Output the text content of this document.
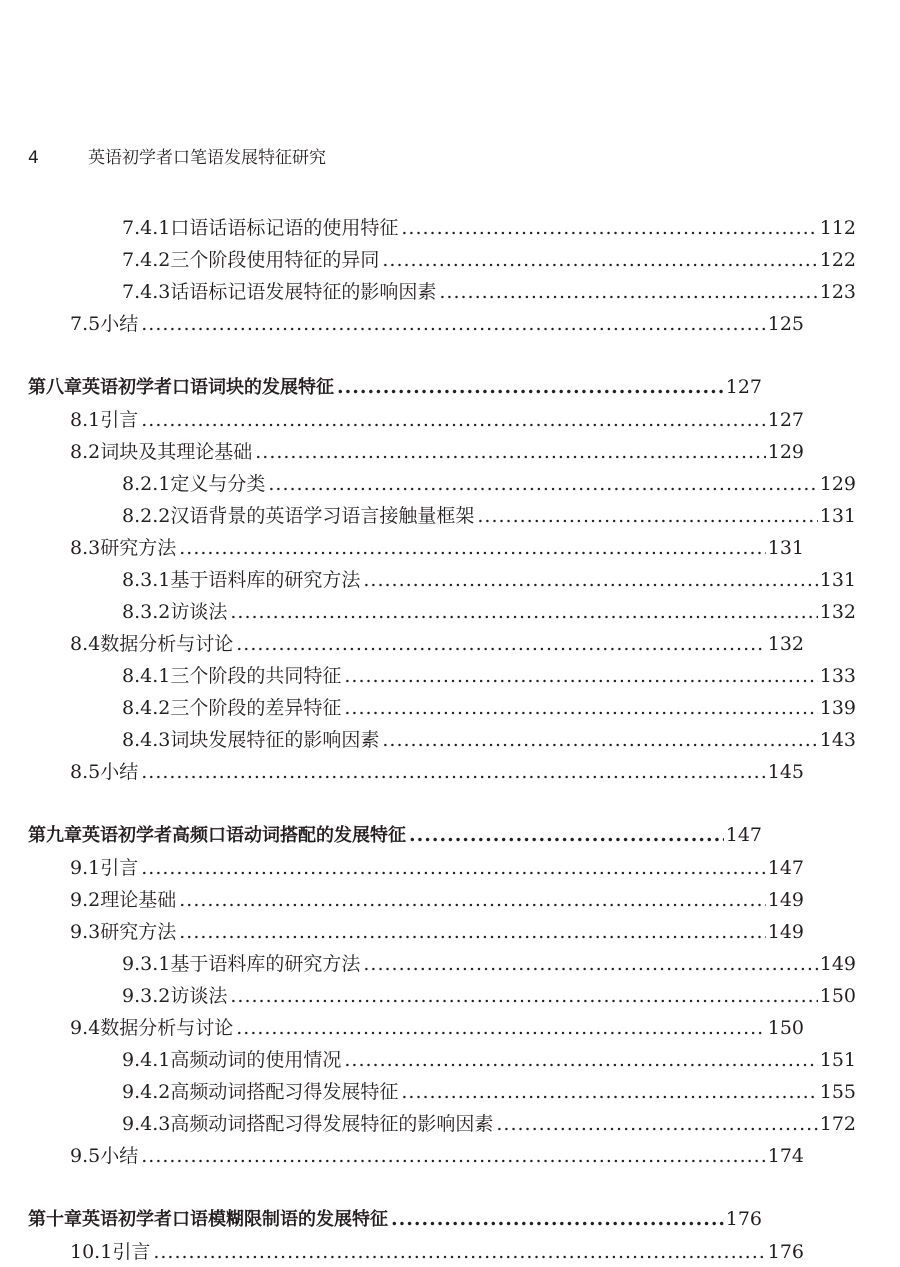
4	英语初学者口笔语发展特征研究
7.4.1 口语话语标记语的使用特征 .....	112
7.4.2 三个阶段使用特征的异同 .....	122
7.4.3 话语标记语发展特征的影响因素 .....	123
7.5 小结 .....	125
第八章 英语初学者口语词块的发展特征 .....	127
8.1 引言 .....	127
8.2 词块及其理论基础 .....	129
8.2.1 定义与分类 .....	129
8.2.2 汉语背景的英语学习语言接触量框架 .....	131
8.3 研究方法 .....	131
8.3.1 基于语料库的研究方法 .....	131
8.3.2 访谈法 .....	132
8.4 数据分析与讨论 .....	132
8.4.1 三个阶段的共同特征 .....	133
8.4.2 三个阶段的差异特征 .....	139
8.4.3 词块发展特征的影响因素 .....	143
8.5 小结 .....	145
第九章 英语初学者高频口语动词搭配的发展特征 .....	147
9.1 引言 .....	147
9.2 理论基础 .....	149
9.3 研究方法 .....	149
9.3.1 基于语料库的研究方法 .....	149
9.3.2 访谈法 .....	150
9.4 数据分析与讨论 .....	150
9.4.1 高频动词的使用情况 .....	151
9.4.2 高频动词搭配习得发展特征 .....	155
9.4.3 高频动词搭配习得发展特征的影响因素 .....	172
9.5 小结 .....	174
第十章 英语初学者口语模糊限制语的发展特征 .....	176
10.1 引言 .....	176
